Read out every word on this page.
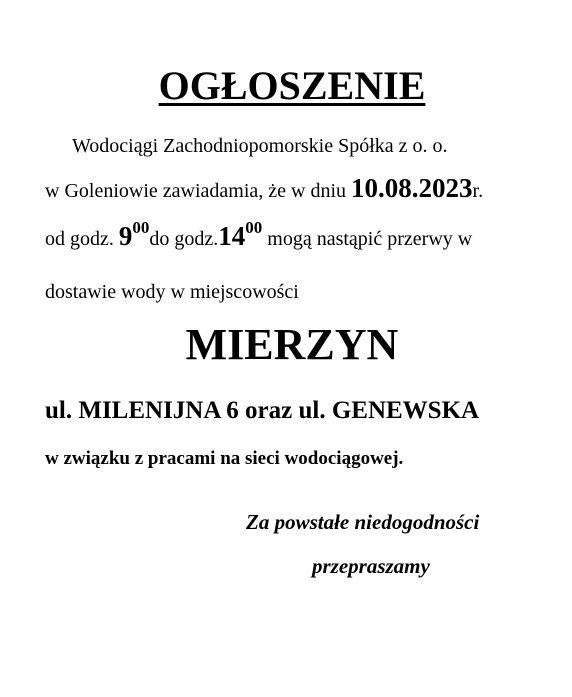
OGŁOSZENIE
Wodociągi Zachodniopomorskie Spółka z o. o.
w Goleniowie zawiadamia, że w dniu 10.08.2023r.
od godz. $9^{00}do$ $godz.14^{00}$ mogą nastąpić przerwy w
dostawie wody w miejscowości
MIERZYN
ul. MILENIJNA 6 oraz ul. GENEWSKA
w związku z pracami na sieci wodociągowej.
Za powstałe niedogodności
przepraszamy
